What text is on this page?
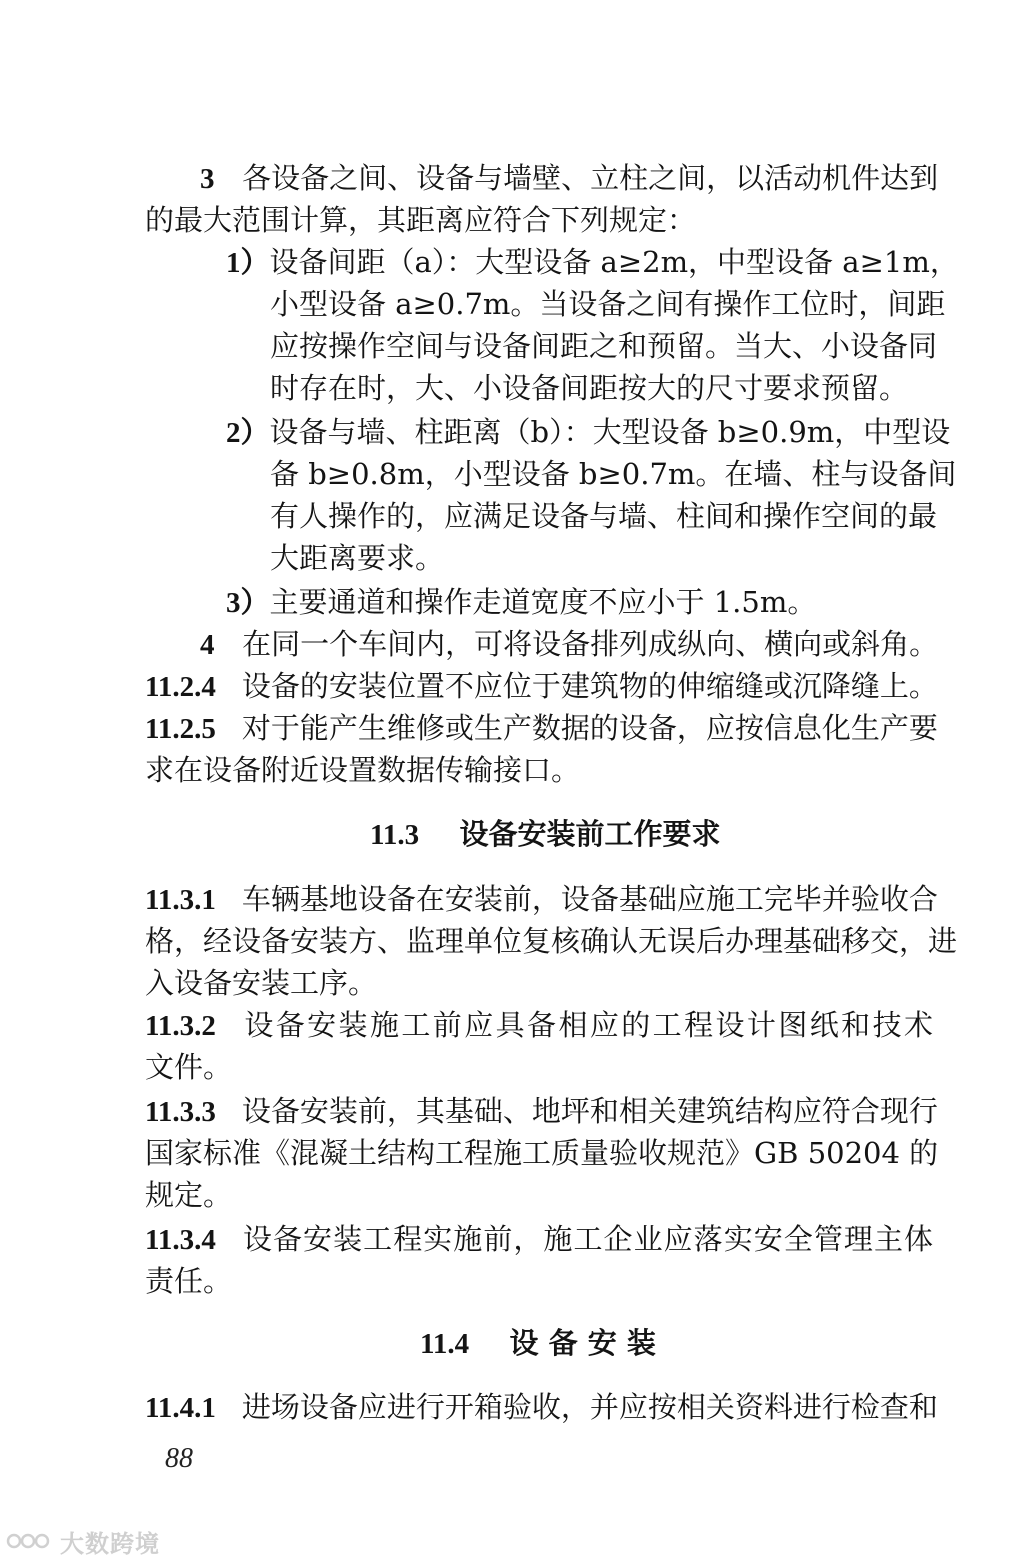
3 各设备之间、设备与墙壁、立柱之间，以活动机件达到
的最大范围计算，其距离应符合下列规定：
1）设备间距（a）：大型设备 a≥2m，中型设备 a≥1m，
小型设备 a≥0.7m。当设备之间有操作工位时，间距
应按操作空间与设备间距之和预留。当大、小设备同
时存在时，大、小设备间距按大的尺寸要求预留。
2）设备与墙、柱距离（b）：大型设备 b≥0.9m，中型设
备 b≥0.8m，小型设备 b≥0.7m。在墙、柱与设备间
有人操作的，应满足设备与墙、柱间和操作空间的最
大距离要求。
3）主要通道和操作走道宽度不应小于 1.5m。
4 在同一个车间内，可将设备排列成纵向、横向或斜角。
11.2.4 设备的安装位置不应位于建筑物的伸缩缝或沉降缝上。
11.2.5 对于能产生维修或生产数据的设备，应按信息化生产要
求在设备附近设置数据传输接口。
11.3 设备安装前工作要求
11.3.1 车辆基地设备在安装前，设备基础应施工完毕并验收合
格，经设备安装方、监理单位复核确认无误后办理基础移交，进
入设备安装工序。
11.3.2 设备安装施工前应具备相应的工程设计图纸和技术
文件。
11.3.3 设备安装前，其基础、地坪和相关建筑结构应符合现行
国家标准《混凝土结构工程施工质量验收规范》GB 50204 的
规定。
11.3.4 设备安装工程实施前，施工企业应落实安全管理主体
责任。
11.4 设 备 安 装
11.4.1 进场设备应进行开箱验收，并应按相关资料进行检查和
88
大数跨境
